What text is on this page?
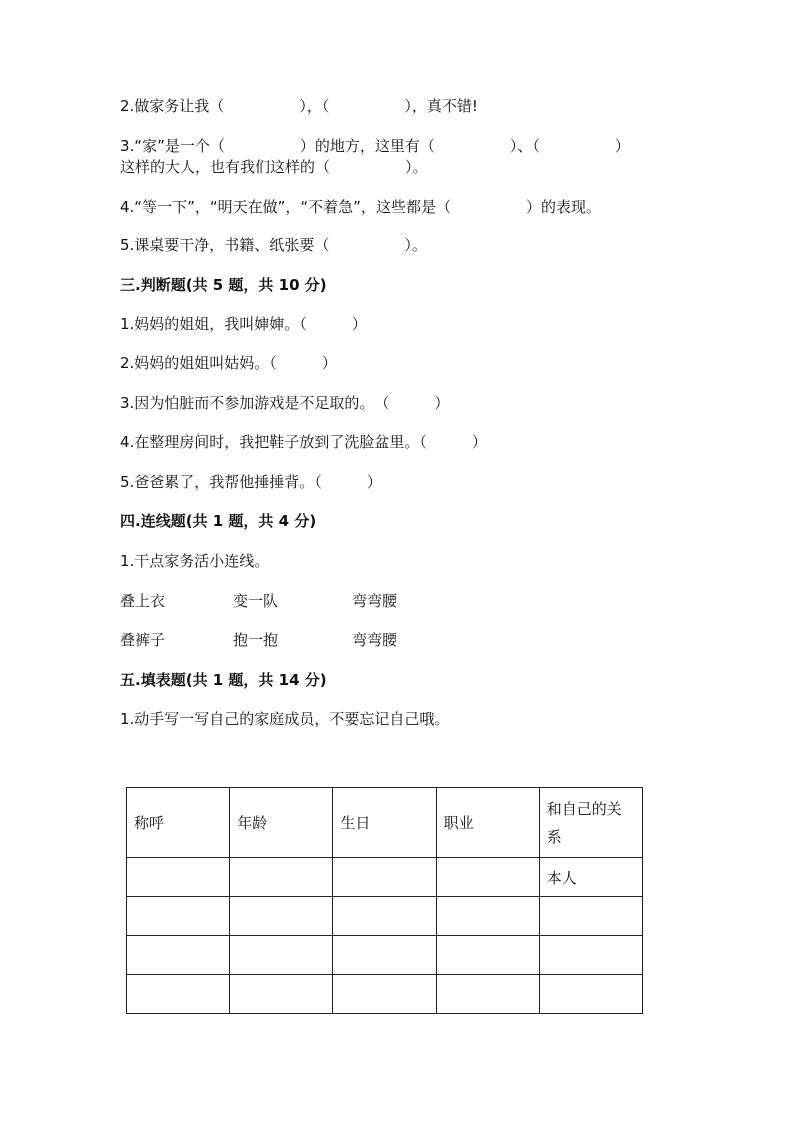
2.做家务让我（　　　　　），（　　　　　），真不错!
3.“家”是一个（　　　　　）的地方，这里有（　　　　　）、（　　　　　）
这样的大人，也有我们这样的（　　　　　）。
4.“等一下”，“明天在做”，“不着急”，这些都是（　　　　　）的表现。
5.课桌要干净，书籍、纸张要（　　　　　）。
三.判断题(共 5 题，共 10 分)
1.妈妈的姐姐，我叫婶婶。（　　　）
2.妈妈的姐姐叫姑妈。（　　　）
3.因为怕脏而不参加游戏是不足取的。　（　　　）
4.在整理房间时，我把鞋子放到了洗脸盆里。（　　　）
5.爸爸累了，我帮他捶捶背。（　　　）
四.连线题(共 1 题，共 4 分)
1.干点家务活小连线。
叠上衣	变一队	弯弯腰
叠裤子	抱一抱	弯弯腰
五.填表题(共 1 题，共 14 分)
1.动手写一写自己的家庭成员，不要忘记自己哦。
称呼	年龄	生日	职业	和自己的关系
				本人
